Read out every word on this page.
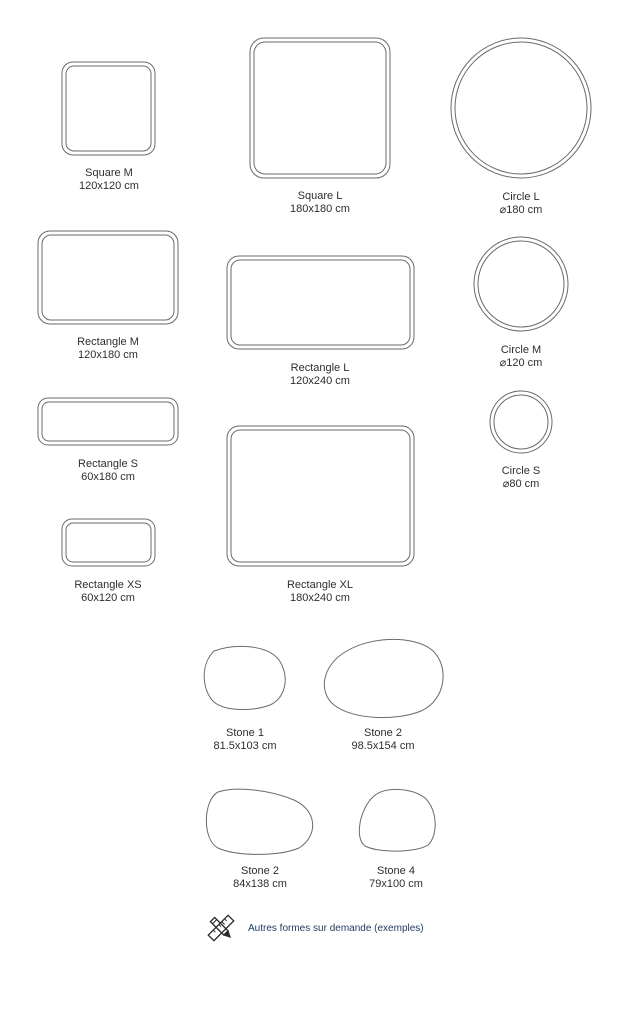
Square M
120x120 cm
Square L
180x180 cm
Circle L
⌀180 cm
Rectangle M
120x180 cm
Rectangle L
120x240 cm
Circle M
⌀120 cm
Rectangle S
60x180 cm	Circle S
⌀80 cm
Rectangle XS
60x120 cm
Rectangle XL
180x240 cm
Stone 1
81.5x103 cm
Stone 2
98.5x154 cm
Stone 2
84x138 cm
Stone 4
79x100 cm
Autres formes sur demande (exemples)
